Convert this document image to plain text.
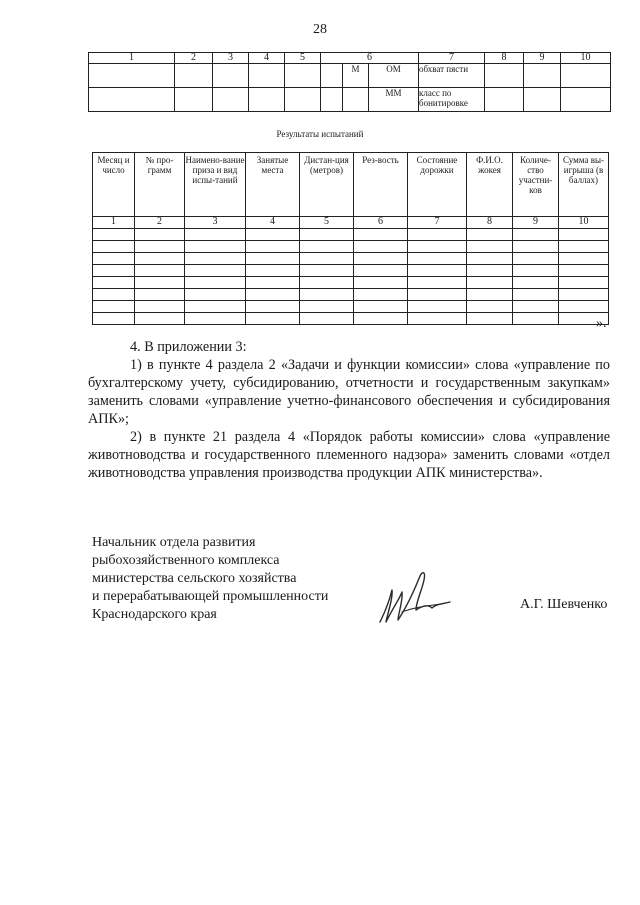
28
1	2	3	4	5	6			7	8	9	10
						М	ОМ	обхват пясти			
							ММ	класс по бонитировке			
Результаты испытаний
Месяц и число	№ про-грамм	Наимено-вание приза и вид испы-таний	Занятые места	Дистан-ция (метров)	Рез-вость	Состояние дорожки	Ф.И.О. жокея	Количе-ство участни-ков	Сумма вы-игрыша (в баллах)
1	2	3	4	5	6	7	8	9	10

».
4. В приложении 3:
1) в пункте 4 раздела 2 «Задачи и функции комиссии» слова «управление по бухгалтерскому учету, субсидированию, отчетности и государственным закупкам» заменить словами «управление учетно-финансового обеспечения и субсидирования АПК»;
2) в пункте 21 раздела 4 «Порядок работы комиссии» слова «управление животноводства и государственного племенного надзора» заменить словами «отдел животноводства управления производства продукции АПК министерства».
Начальник отдела развития
рыбохозяйственного комплекса
министерства сельского хозяйства
и перерабатывающей промышленности
Краснодарского края
А.Г. Шевченко
